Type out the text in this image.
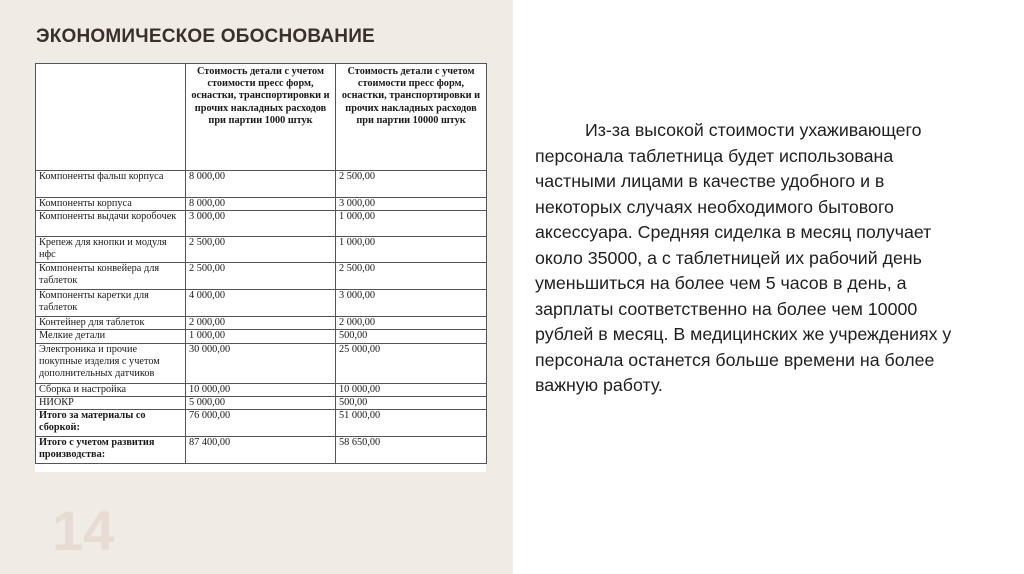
ЭКОНОМИЧЕСКОЕ ОБОСНОВАНИЕ
	Стоимость детали с учетом стоимости пресс форм, оснастки, транспортировки и прочих накладных расходов при партии 1000 штук	Стоимость детали с учетом стоимости пресс форм, оснастки, транспортировки и прочих накладных расходов при партии 10000 штук
Компоненты фальш корпуса	8 000,00	2 500,00
Компоненты корпуса	8 000,00	3 000,00
Компоненты выдачи коробочек	3 000,00	1 000,00
Крепеж для кнопки и модуля нфс	2 500,00	1 000,00
Компоненты конвейера для таблеток	2 500,00	2 500,00
Компоненты каретки для таблеток	4 000,00	3 000,00
Контейнер для таблеток	2 000,00	2 000,00
Мелкие детали	1 000,00	500,00
Электроника и прочие покупные изделия с учетом дополнительных датчиков	30 000,00	25 000,00
Сборка и настройка	10 000,00	10 000,00
НИОКР	5 000,00	500,00
Итого за материалы со сборкой:	76 000,00	51 000,00
Итого с учетом развития производства:	87 400,00	58 650,00
14

Из-за высокой стоимости ухаживающего персонала таблетница будет использована частными лицами в качестве удобного и в некоторых случаях необходимого бытового аксессуара. Средняя сиделка в месяц получает около 35000, а с таблетницей их рабочий день уменьшиться на более чем 5 часов в день, а зарплаты соответственно на более чем 10000 рублей в месяц. В медицинских же учреждениях у персонала останется больше времени на более важную работу.
